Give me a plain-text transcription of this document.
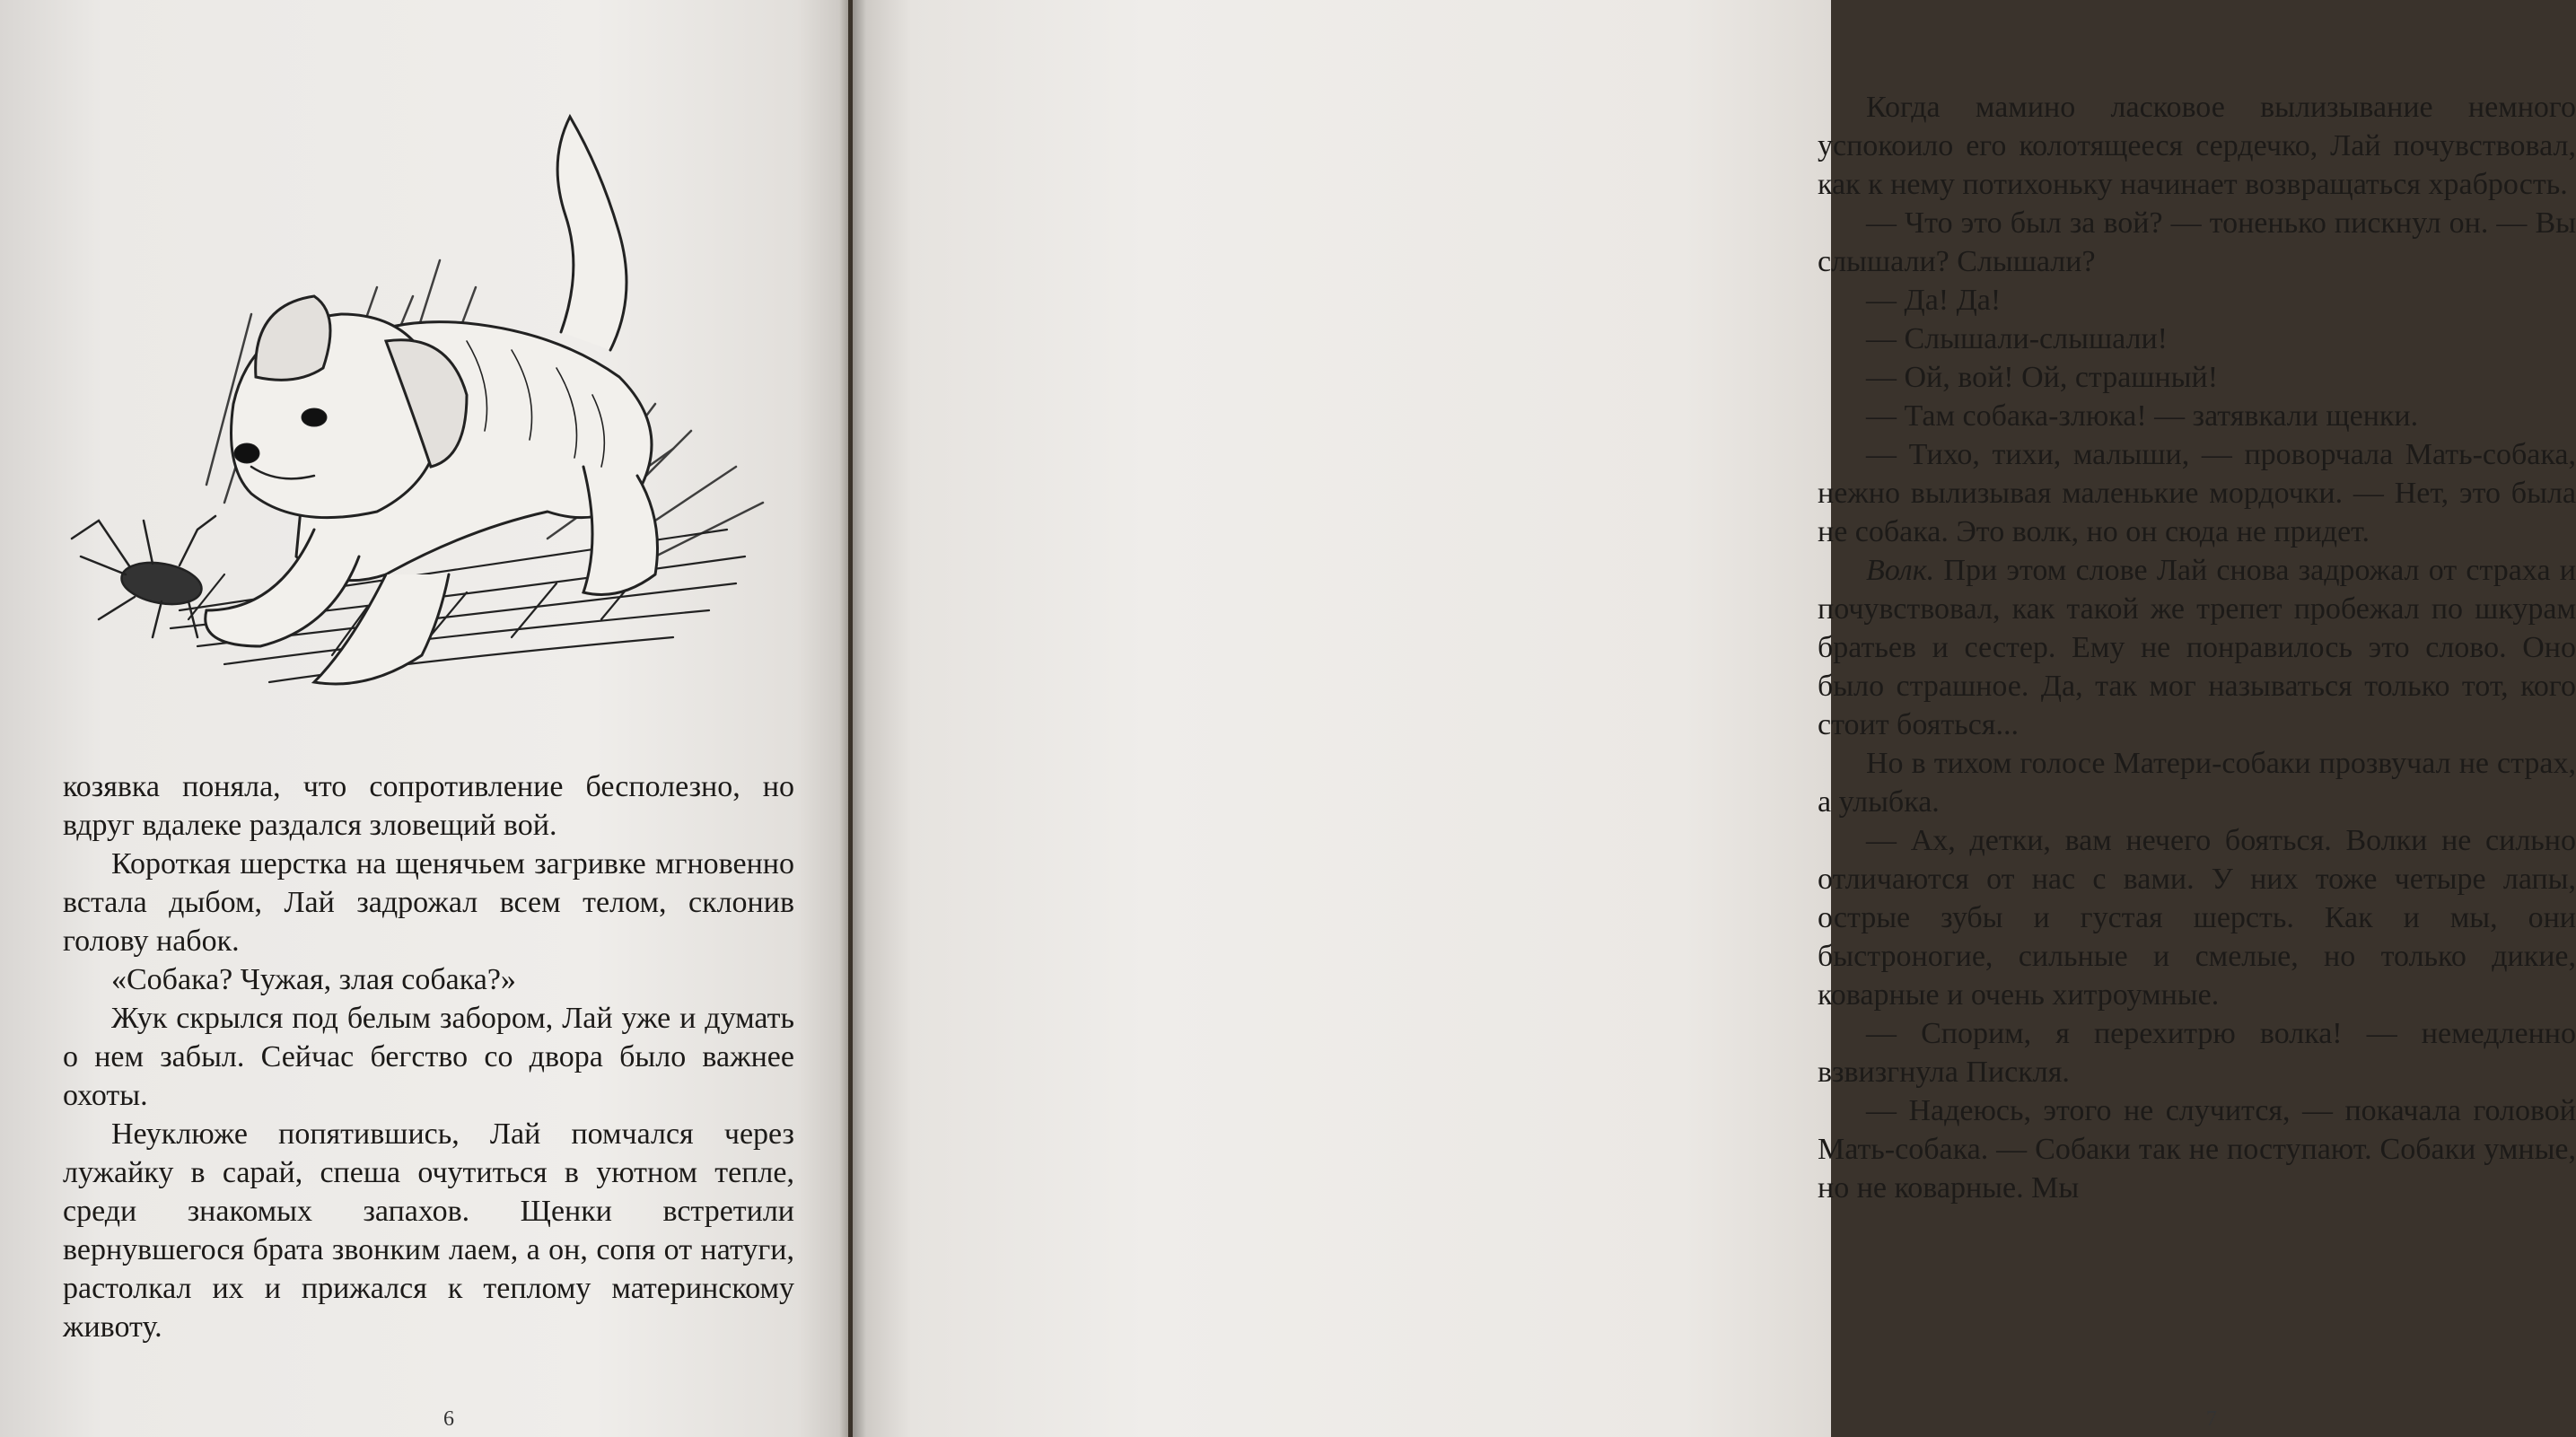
козявка поняла, что сопротивление бесполезно, но вдруг вдалеке раздался зловещий вой.

Короткая шерстка на щенячьем загривке мгновенно встала дыбом, Лай задрожал всем телом, склонив голову набок.

«Собака? Чужая, злая собака?»

Жук скрылся под белым забором, Лай уже и думать о нем забыл. Сейчас бегство со двора было важнее охоты.

Неуклюже попятившись, Лай помчался через лужайку в сарай, спеша очутиться в уютном тепле, среди знакомых запахов. Щенки встретили вернувшегося брата звонким лаем, а он, сопя от натуги, растолкал их и прижался к теплому материнскому животу.

6

Когда мамино ласковое вылизывание немного успокоило его колотящееся сердечко, Лай почувствовал, как к нему потихоньку начинает возвращаться храбрость.

— Что это был за вой? — тоненько пискнул он. — Вы слышали? Слышали?

— Да! Да!

— Слышали-слышали!

— Ой, вой! Ой, страшный!

— Там собака-злюка! — затявкали щенки.

— Тихо, тихи, малыши, — проворчала Мать-собака, нежно вылизывая маленькие мордочки. — Нет, это была не собака. Это волк, но он сюда не придет.

Волк. При этом слове Лай снова задрожал от страха и почувствовал, как такой же трепет пробежал по шкурам братьев и сестер. Ему не понравилось это слово. Оно было страшное. Да, так мог называться только тот, кого стоит бояться...

Но в тихом голосе Матери-собаки прозвучал не страх, а улыбка.

— Ах, детки, вам нечего бояться. Волки не сильно отличаются от нас с вами. У них тоже четыре лапы, острые зубы и густая шерсть. Как и мы, они быстроногие, сильные и смелые, но только дикие, коварные и очень хитроумные.

— Спорим, я перехитрю волка! — немедленно взвизгнула Пискля.

— Надеюсь, этого не случится, — покачала головой Мать-собака. — Собаки так не поступают. Собаки умные, но не коварные. Мы

7
